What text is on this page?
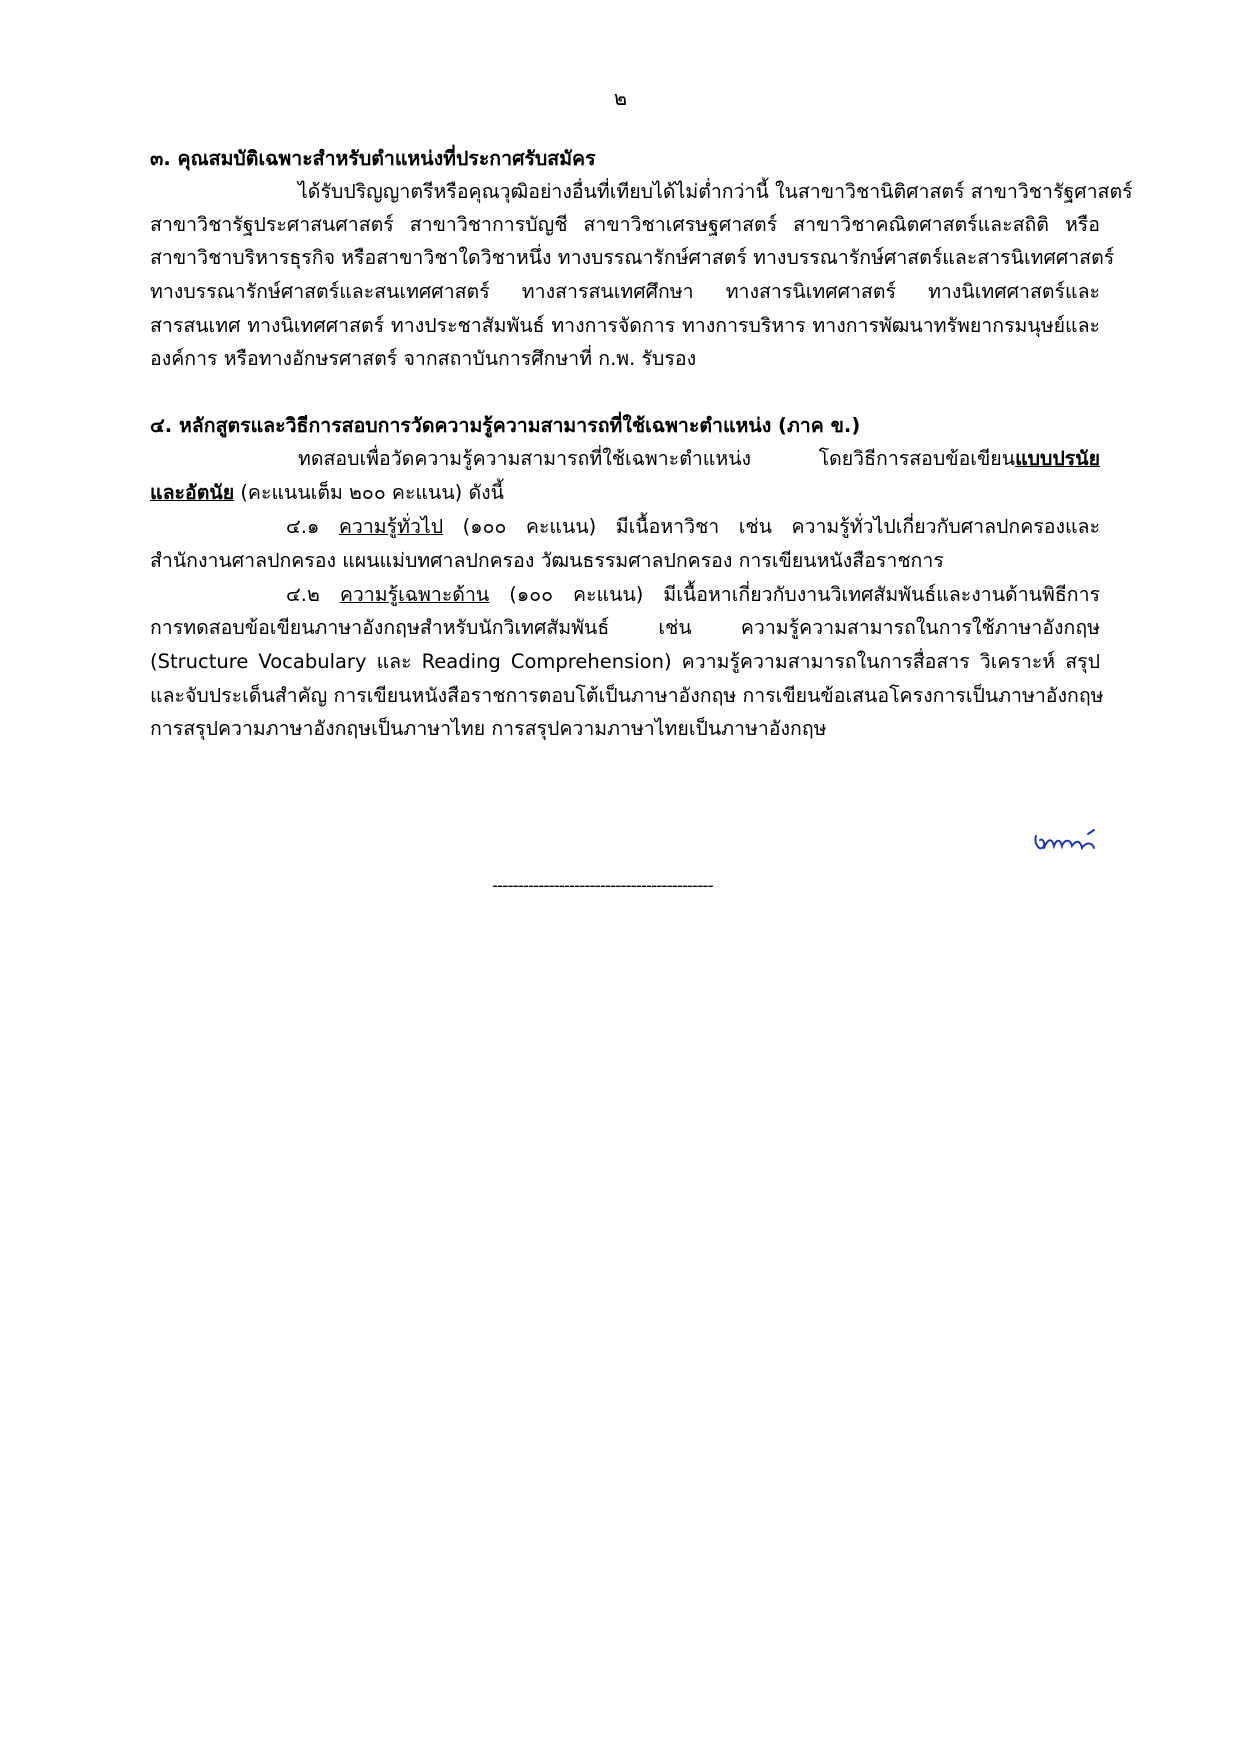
๒
๓. คุณสมบัติเฉพาะสำหรับตำแหน่งที่ประกาศรับสมัคร
ได้รับปริญญาตรีหรือคุณวุฒิอย่างอื่นที่เทียบได้ไม่ต่ำกว่านี้ ในสาขาวิชานิติศาสตร์ สาขาวิชารัฐศาสตร์
สาขาวิชารัฐประศาสนศาสตร์ สาขาวิชาการบัญชี สาขาวิชาเศรษฐศาสตร์ สาขาวิชาคณิตศาสตร์และสถิติ หรือ
สาขาวิชาบริหารธุรกิจ หรือสาขาวิชาใดวิชาหนึ่ง ทางบรรณารักษ์ศาสตร์ ทางบรรณารักษ์ศาสตร์และสารนิเทศศาสตร์
ทางบรรณารักษ์ศาสตร์และสนเทศศาสตร์ ทางสารสนเทศศึกษา ทางสารนิเทศศาสตร์ ทางนิเทศศาสตร์และ
สารสนเทศ ทางนิเทศศาสตร์ ทางประชาสัมพันธ์ ทางการจัดการ ทางการบริหาร ทางการพัฒนาทรัพยากรมนุษย์และ
องค์การ หรือทางอักษรศาสตร์ จากสถาบันการศึกษาที่ ก.พ. รับรอง
๔. หลักสูตรและวิธีการสอบการวัดความรู้ความสามารถที่ใช้เฉพาะตำแหน่ง (ภาค ข.)
ทดสอบเพื่อวัดความรู้ความสามารถที่ใช้เฉพาะตำแหน่ง โดยวิธีการสอบข้อเขียนแบบปรนัย
และอัตนัย (คะแนนเต็ม ๒๐๐ คะแนน) ดังนี้
๔.๑ ความรู้ทั่วไป (๑๐๐ คะแนน) มีเนื้อหาวิชา เช่น ความรู้ทั่วไปเกี่ยวกับศาลปกครองและ
สำนักงานศาลปกครอง แผนแม่บทศาลปกครอง วัฒนธรรมศาลปกครอง การเขียนหนังสือราชการ
๔.๒ ความรู้เฉพาะด้าน (๑๐๐ คะแนน) มีเนื้อหาเกี่ยวกับงานวิเทศสัมพันธ์และงานด้านพิธีการ
การทดสอบข้อเขียนภาษาอังกฤษสำหรับนักวิเทศสัมพันธ์ เช่น ความรู้ความสามารถในการใช้ภาษาอังกฤษ
(Structure Vocabulary และ Reading Comprehension) ความรู้ความสามารถในการสื่อสาร วิเคราะห์ สรุป
และจับประเด็นสำคัญ การเขียนหนังสือราชการตอบโต้เป็นภาษาอังกฤษ การเขียนข้อเสนอโครงการเป็นภาษาอังกฤษ
การสรุปความภาษาอังกฤษเป็นภาษาไทย การสรุปความภาษาไทยเป็นภาษาอังกฤษ
-------------------------------------------
